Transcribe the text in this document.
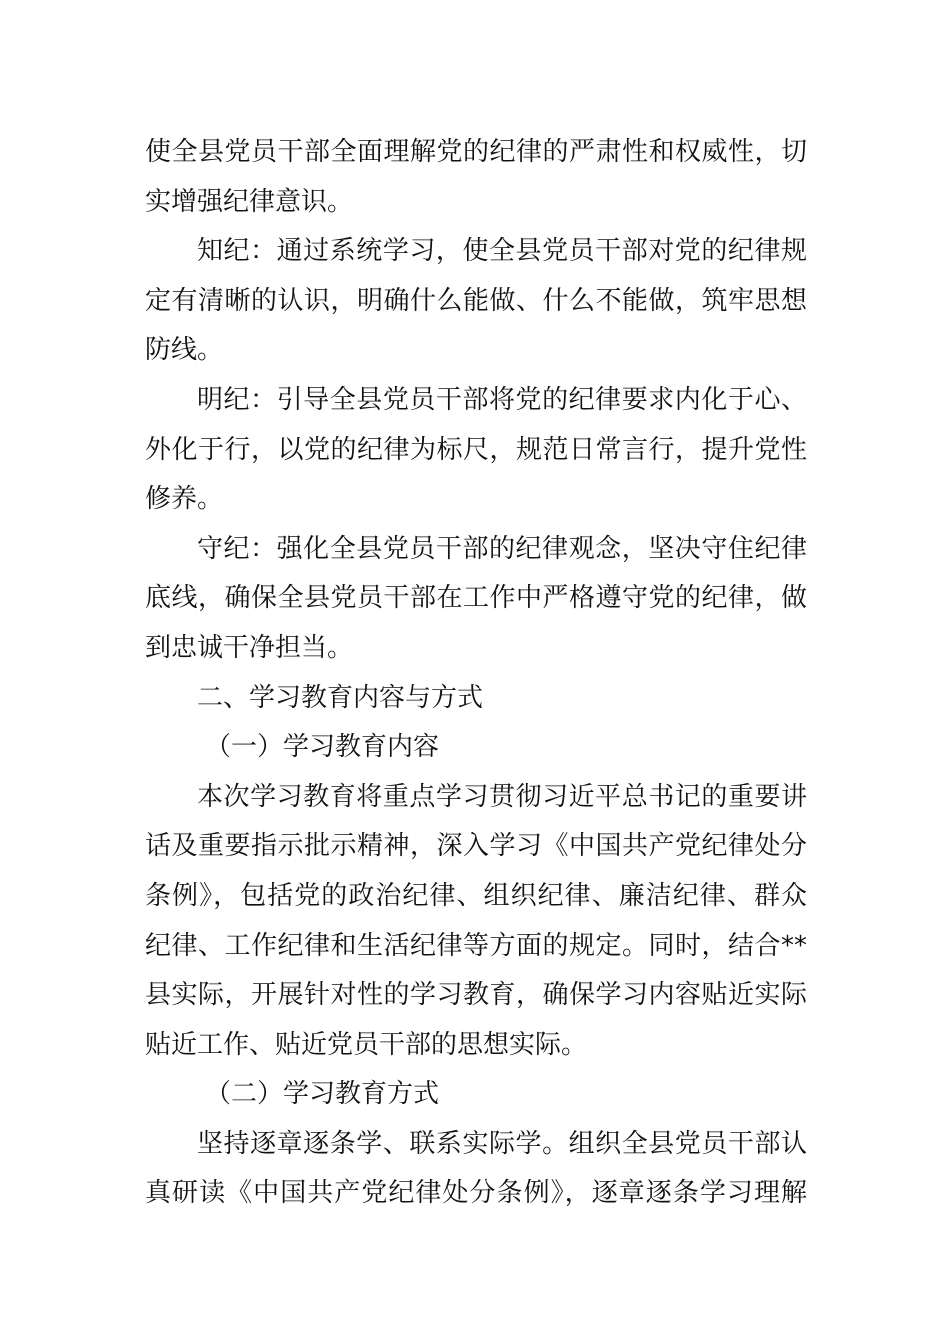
使全县党员干部全面理解党的纪律的严肃性和权威性，切
实增强纪律意识。
知纪：通过系统学习，使全县党员干部对党的纪律规
定有清晰的认识，明确什么能做、什么不能做，筑牢思想
防线。
明纪：引导全县党员干部将党的纪律要求内化于心、
外化于行，以党的纪律为标尺，规范日常言行，提升党性
修养。
守纪：强化全县党员干部的纪律观念，坚决守住纪律
底线，确保全县党员干部在工作中严格遵守党的纪律，做
到忠诚干净担当。
二、学习教育内容与方式
（一）学习教育内容
本次学习教育将重点学习贯彻习近平总书记的重要讲
话及重要指示批示精神，深入学习《中国共产党纪律处分
条例》，包括党的政治纪律、组织纪律、廉洁纪律、群众
纪律、工作纪律和生活纪律等方面的规定。同时，结合**
县实际，开展针对性的学习教育，确保学习内容贴近实际
贴近工作、贴近党员干部的思想实际。
（二）学习教育方式
坚持逐章逐条学、联系实际学。组织全县党员干部认
真研读《中国共产党纪律处分条例》，逐章逐条学习理解
